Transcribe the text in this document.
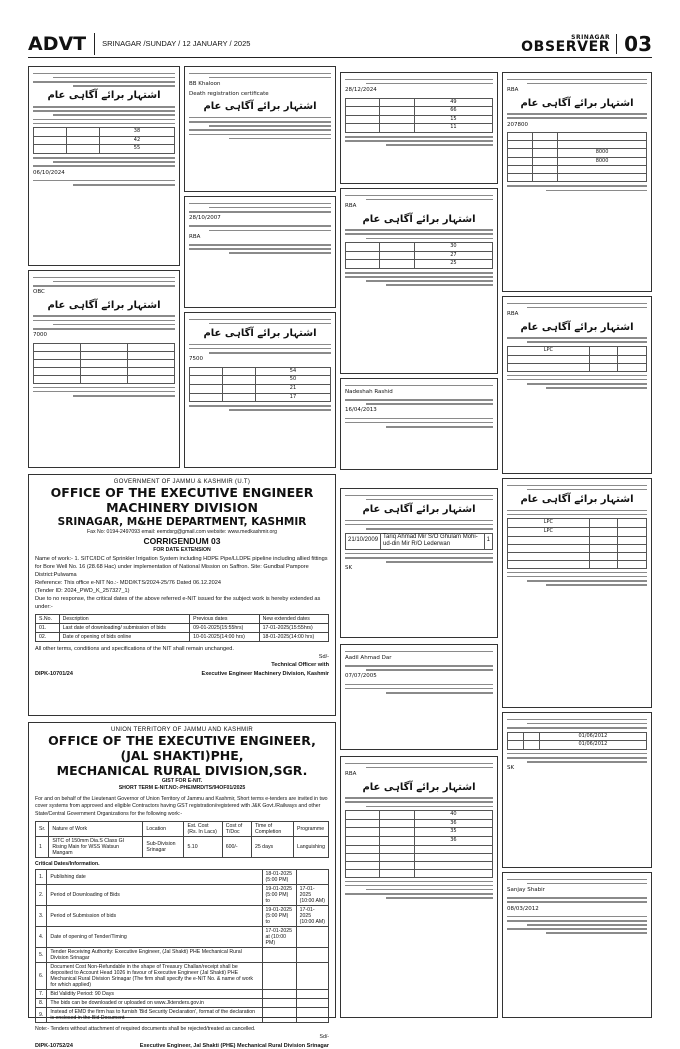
ADVT	SRINAGAR /SUNDAY / 12 JANUARY / 2025
SRINAGAR
OBSERVER 03
اشتہار برائے آگاہی عام
38		
42		
55		
06/10/2024
OBC
اشتہار برائے آگاہی عام
7000

BB Khaloon
Death registration certificate
اشتہار برائے آگاہی عام
28/10/2007
RBA
اشتہار برائے آگاہی عام
7500
54		
50		
21		
17		
28/12/2024
49		
66		
15		
11		
RBA
اشتہار برائے آگاہی عام
30		
27		
25		
Nadeshah Rashid
16/04/2013
اشتہار برائے آگاہی عام
21/10/2009	Tariq Ahmad Mir S/O Ghulam Mohi-ud-din Mir R/O Lederwan	1
SK
Aadil Ahmad Dar
07/07/2005
RBA
اشتہار برائے آگاہی عام
40		
36		
35		
36		

RBA
اشتہار برائے آگاہی عام
207800

8000		
8000		

RBA
اشتہار برائے آگاہی عام
		LPC

اشتہار برائے آگاہی عام
		LPC
		LPC

01/06/2012		
01/06/2012		
SK
Sanjay Shabir
08/03/2012
GOVERNMENT OF JAMMU & KASHMIR (U.T)
OFFICE OF THE EXECUTIVE ENGINEER MACHINERY DIVISION
SRINAGAR, M&HE DEPARTMENT, KASHMIR
Fax No: 0194-2497093 email: eemdsrg@gmail.com website: www.medkashmir.org
CORRIGENDUM 03
FOR DATE EXTENSION
Name of work:- 1. SITC/IDC of Sprinkler Irrigation System including HDPE Pipe/LLDPE pipeline including allied fittings for Bore Well No. 16 (28.68 Hac) under implementation of National Mission on Saffron. Site: Gundbal Pampore District:Pulwama
Reference: This office e-NIT No.:- MDD/KTS/2024-25/76 Dated 06.12.2024
(Tender ID: 2024_PWD_K_257327_1)
Due to no response, the critical dates of the above referred e-NIT issued for the subject work is hereby extended as under:-
S.No.	Description	Previous dates	New extended dates
01.	Last date of downloading/ submission of bids	09-01-2025(15:55hrs)	17-01-2025(15:55hrs)
02.	Date of opening of bids online	10-01-2025(14:00 hrs)	18-01-2025(14:00 hrs)
All other terms, conditions and specifications of the NIT shall remain unchanged.
Sd/-
Technical Officer with
DIPK-10701/24	Executive Engineer Machinery Division, Kashmir
UNION TERRITORY OF JAMMU AND KASHMIR
OFFICE OF THE EXECUTIVE ENGINEER,(JAL SHAKTI)PHE,
MECHANICAL RURAL DIVISION,SGR.
GIST FOR E-NIT.
SHORT TERM E-NIT.NO:-PHE/MRD/TS/94OF01/2025
For and on behalf of the Lieutenant Governor of Union Territory of Jammu and Kashmir, Short terms e-tenders are invited in two cover systems from approved and eligible Contractors having GST registration/registered with J&K Govt./Railways and other State/Central Government Organizations for the following work:-
Sr.	Nature of Work	Location	Est. Cost (Rs. In Lacs)	Cost of T/Doc	Time of Completion	Programme
1	SITC of 150mm Dia.S Class GI Rising Main for WSS Watsun Mangam	Sub-Division Srinagar	5.10	600/-	25 days	Languishing
Critical Dates/Information.
1.	Publishing date	18-01-2025 (5:00 PM)	
2.	Period of Downloading of Bids	19-01-2025 (5:00 PM) to	17-01-2025 (10:00 AM)
3.	Period of Submission of bids	19-01-2025 (5:00 PM) to	17-01-2025 (10:00 AM)
4.	Date of opening of Tender/Timing	17-01-2025 at (10:00 PM)	
5.	Tender Receiving Authority: Executive Engineer, (Jal Shakti) PHE Mechanical Rural Division Srinagar		
6.	Document Cost Non-Refundable in the shape of Treasury Challan/receipt shall be deposited to Account Head 1026 in favour of Executive Engineer (Jal Shakti) PHE Mechanical Rural Division Srinagar (The firm shall specify the e-NIT No. & name of work for which applied)		
7.	Bid Validity Period: 90 Days		
8.	The bids can be downloaded or uploaded on www.Jktenders.gov.in		
9.	Instead of EMD the firm has to furnish 'Bid Security Declaration', format of the declaration is enclosed in the Bid Document		
Note:- Tenders without attachment of required documents shall be rejected/treated as cancelled.
Sd/-
DIPK-10752/24	Executive Engineer, Jal Shakti (PHE) Mechanical Rural Division Srinagar
